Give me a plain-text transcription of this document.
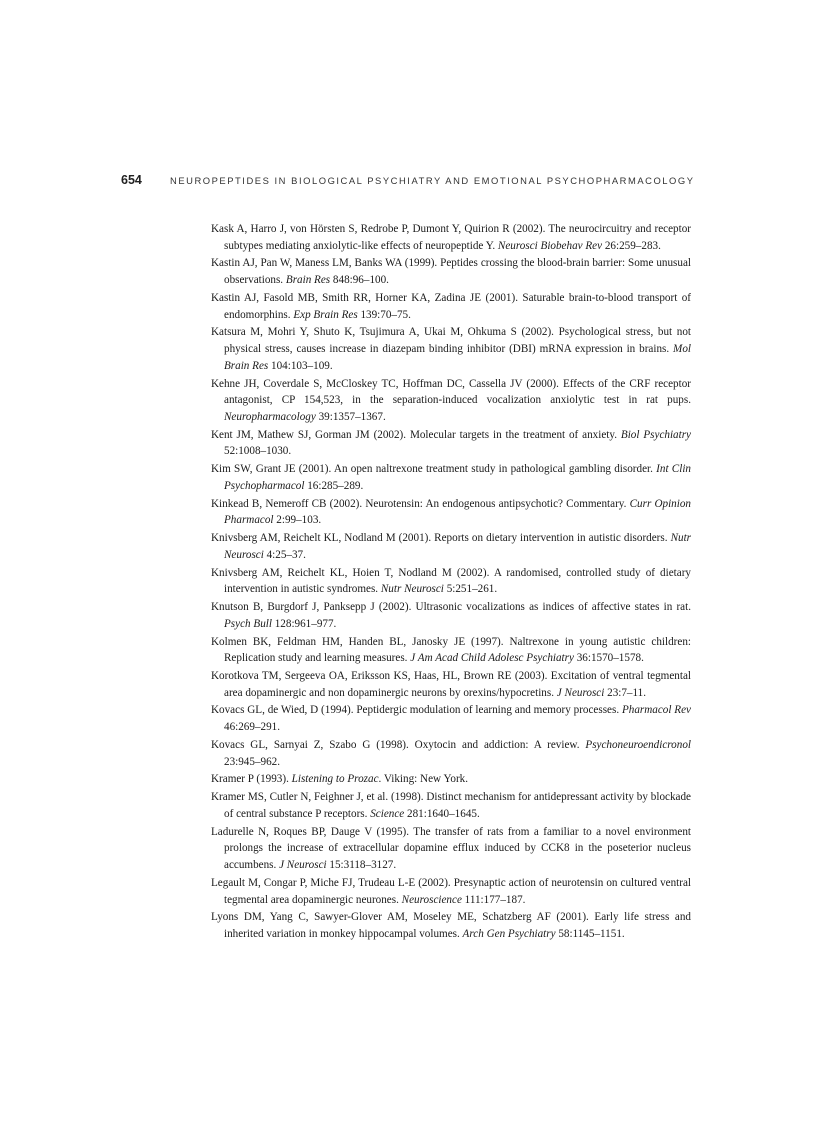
654	NEUROPEPTIDES IN BIOLOGICAL PSYCHIATRY AND EMOTIONAL PSYCHOPHARMACOLOGY

Kask A, Harro J, von Hörsten S, Redrobe P, Dumont Y, Quirion R (2002). The neurocircuitry and receptor subtypes mediating anxiolytic-like effects of neuropeptide Y. Neurosci Biobehav Rev 26:259–283.

Kastin AJ, Pan W, Maness LM, Banks WA (1999). Peptides crossing the blood-brain barrier: Some unusual observations. Brain Res 848:96–100.

Kastin AJ, Fasold MB, Smith RR, Horner KA, Zadina JE (2001). Saturable brain-to-blood transport of endomorphins. Exp Brain Res 139:70–75.

Katsura M, Mohri Y, Shuto K, Tsujimura A, Ukai M, Ohkuma S (2002). Psychological stress, but not physical stress, causes increase in diazepam binding inhibitor (DBI) mRNA expression in brains. Mol Brain Res 104:103–109.

Kehne JH, Coverdale S, McCloskey TC, Hoffman DC, Cassella JV (2000). Effects of the CRF receptor antagonist, CP 154,523, in the separation-induced vocalization anxiolytic test in rat pups. Neuropharmacology 39:1357–1367.

Kent JM, Mathew SJ, Gorman JM (2002). Molecular targets in the treatment of anxiety. Biol Psychiatry 52:1008–1030.

Kim SW, Grant JE (2001). An open naltrexone treatment study in pathological gambling disorder. Int Clin Psychopharmacol 16:285–289.

Kinkead B, Nemeroff CB (2002). Neurotensin: An endogenous antipsychotic? Commentary. Curr Opinion Pharmacol 2:99–103.

Knivsberg AM, Reichelt KL, Nodland M (2001). Reports on dietary intervention in autistic disorders. Nutr Neurosci 4:25–37.

Knivsberg AM, Reichelt KL, Hoien T, Nodland M (2002). A randomised, controlled study of dietary intervention in autistic syndromes. Nutr Neurosci 5:251–261.

Knutson B, Burgdorf J, Panksepp J (2002). Ultrasonic vocalizations as indices of affective states in rat. Psych Bull 128:961–977.

Kolmen BK, Feldman HM, Handen BL, Janosky JE (1997). Naltrexone in young autistic children: Replication study and learning measures. J Am Acad Child Adolesc Psychiatry 36:1570–1578.

Korotkova TM, Sergeeva OA, Eriksson KS, Haas, HL, Brown RE (2003). Excitation of ventral tegmental area dopaminergic and non dopaminergic neurons by orexins/hypocretins. J Neurosci 23:7–11.

Kovacs GL, de Wied, D (1994). Peptidergic modulation of learning and memory processes. Pharmacol Rev 46:269–291.

Kovacs GL, Sarnyai Z, Szabo G (1998). Oxytocin and addiction: A review. Psychoneuroendicronol 23:945–962.

Kramer P (1993). Listening to Prozac. Viking: New York.

Kramer MS, Cutler N, Feighner J, et al. (1998). Distinct mechanism for antidepressant activity by blockade of central substance P receptors. Science 281:1640–1645.

Ladurelle N, Roques BP, Dauge V (1995). The transfer of rats from a familiar to a novel environment prolongs the increase of extracellular dopamine efflux induced by CCK8 in the poseterior nucleus accumbens. J Neurosci 15:3118–3127.

Legault M, Congar P, Miche FJ, Trudeau L-E (2002). Presynaptic action of neurotensin on cultured ventral tegmental area dopaminergic neurones. Neuroscience 111:177–187.

Lyons DM, Yang C, Sawyer-Glover AM, Moseley ME, Schatzberg AF (2001). Early life stress and inherited variation in monkey hippocampal volumes. Arch Gen Psychiatry 58:1145–1151.
